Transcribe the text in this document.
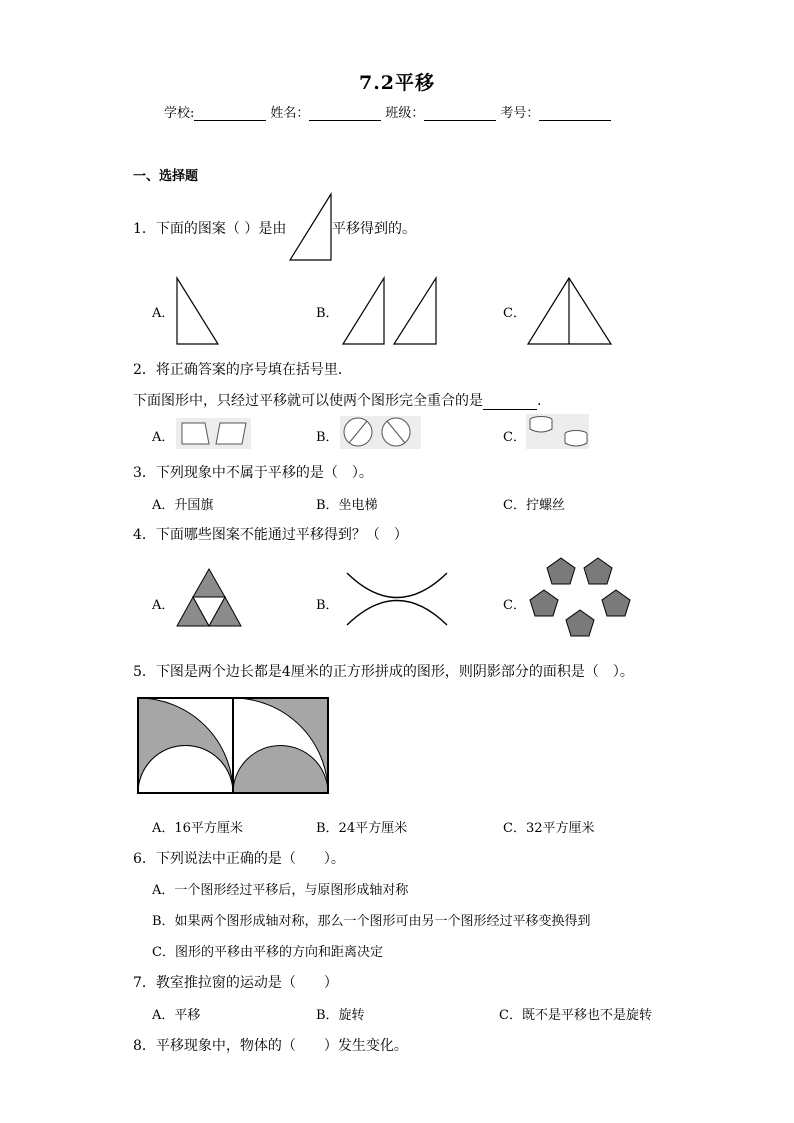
7.2平移
学校:	姓名：	班级：	考号：
一、选择题
1．下面的图案（ ）是由	平移得到的。
A．	B．	C．
2．将正确答案的序号填在括号里．
下面图形中，只经过平移就可以使两个图形完全重合的是	.
A．	B．	C．
3．下列现象中不属于平移的是（　）。
A．升国旗	B．坐电梯	C．拧螺丝
4．下面哪些图案不能通过平移得到？（　）
A．	B．	C．
5．下图是两个边长都是4厘米的正方形拼成的图形，则阴影部分的面积是（　）。
A．16平方厘米	B．24平方厘米	C．32平方厘米
6．下列说法中正确的是（　　）。
A．一个图形经过平移后，与原图形成轴对称
B．如果两个图形成轴对称，那么一个图形可由另一个图形经过平移变换得到
C．图形的平移由平移的方向和距离决定
7．教室推拉窗的运动是（　　）
A．平移	B．旋转	C．既不是平移也不是旋转
8．平移现象中，物体的（　　）发生变化。
